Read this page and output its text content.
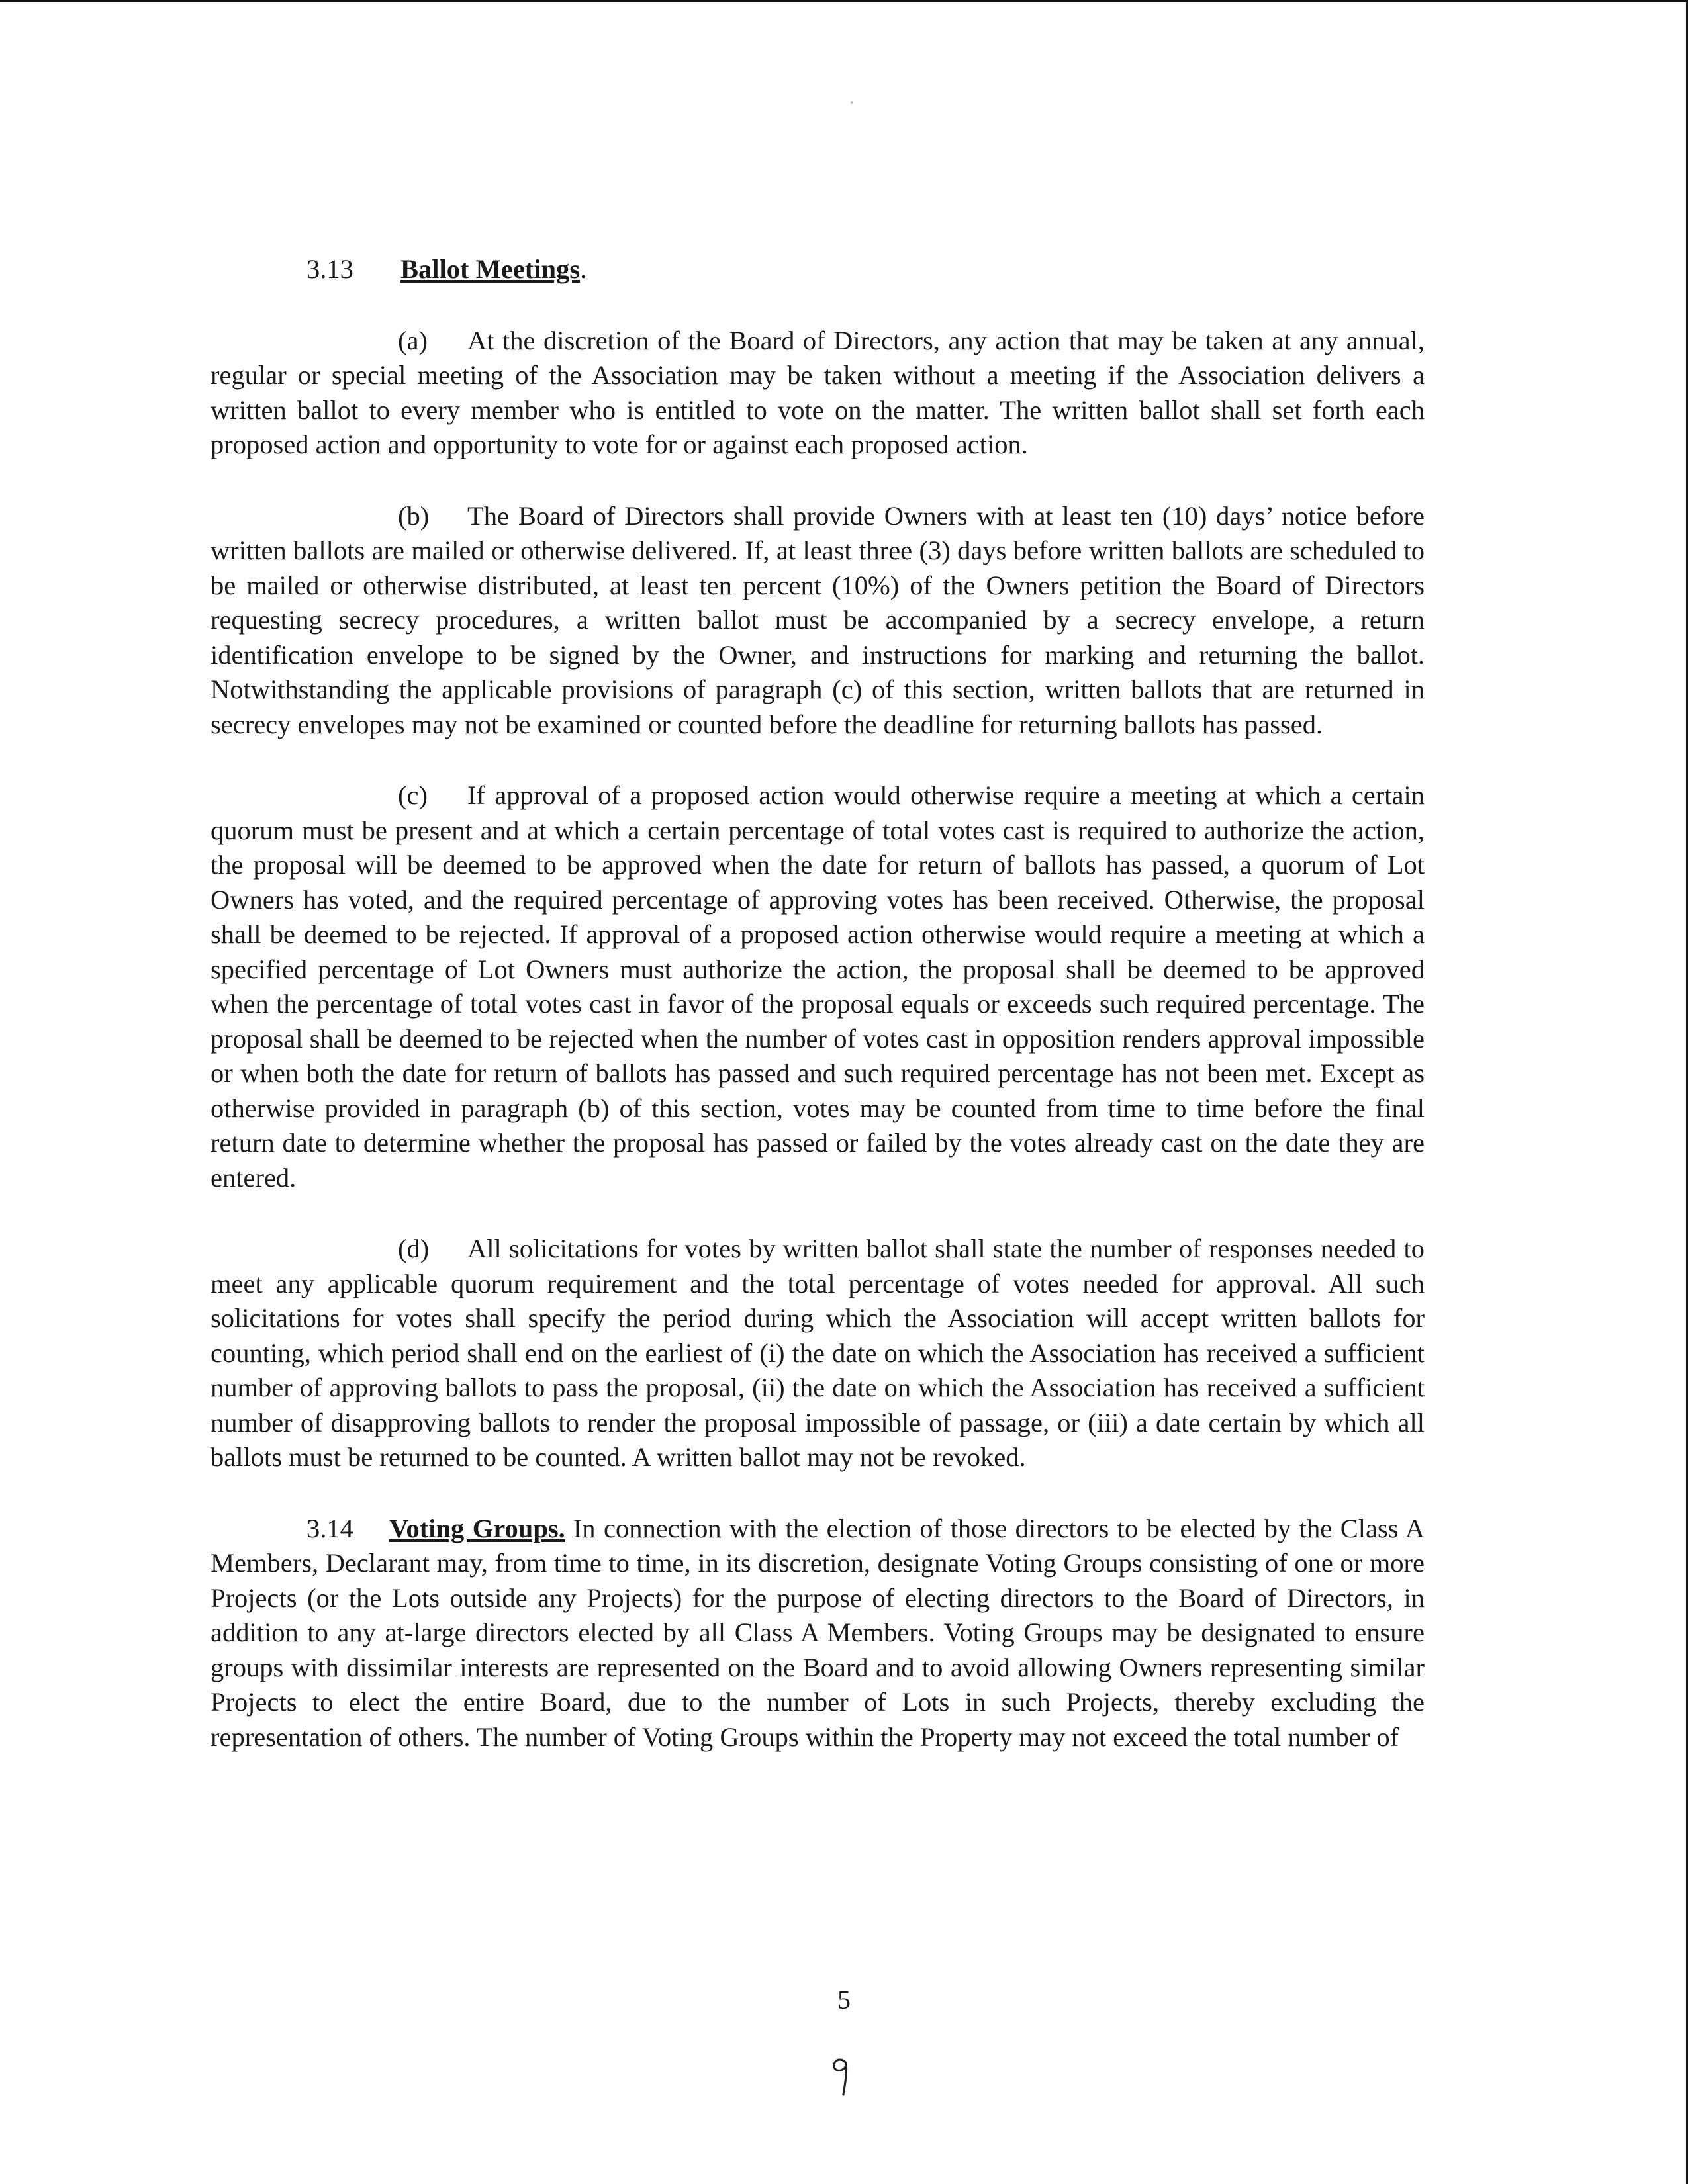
3.13 Ballot Meetings.

(a) At the discretion of the Board of Directors, any action that may be taken at any annual, regular or special meeting of the Association may be taken without a meeting if the Association delivers a written ballot to every member who is entitled to vote on the matter. The written ballot shall set forth each proposed action and opportunity to vote for or against each proposed action.

(b) The Board of Directors shall provide Owners with at least ten (10) days’ notice before written ballots are mailed or otherwise delivered. If, at least three (3) days before written ballots are scheduled to be mailed or otherwise distributed, at least ten percent (10%) of the Owners petition the Board of Directors requesting secrecy procedures, a written ballot must be accompanied by a secrecy envelope, a return identification envelope to be signed by the Owner, and instructions for marking and returning the ballot. Notwithstanding the applicable provisions of paragraph (c) of this section, written ballots that are returned in secrecy envelopes may not be examined or counted before the deadline for returning ballots has passed.

(c) If approval of a proposed action would otherwise require a meeting at which a certain quorum must be present and at which a certain percentage of total votes cast is required to authorize the action, the proposal will be deemed to be approved when the date for return of ballots has passed, a quorum of Lot Owners has voted, and the required percentage of approving votes has been received. Otherwise, the proposal shall be deemed to be rejected. If approval of a proposed action otherwise would require a meeting at which a specified percentage of Lot Owners must authorize the action, the proposal shall be deemed to be approved when the percentage of total votes cast in favor of the proposal equals or exceeds such required percentage. The proposal shall be deemed to be rejected when the number of votes cast in opposition renders approval impossible or when both the date for return of ballots has passed and such required percentage has not been met. Except as otherwise provided in paragraph (b) of this section, votes may be counted from time to time before the final return date to determine whether the proposal has passed or failed by the votes already cast on the date they are entered.

(d) All solicitations for votes by written ballot shall state the number of responses needed to meet any applicable quorum requirement and the total percentage of votes needed for approval. All such solicitations for votes shall specify the period during which the Association will accept written ballots for counting, which period shall end on the earliest of (i) the date on which the Association has received a sufficient number of approving ballots to pass the proposal, (ii) the date on which the Association has received a sufficient number of disapproving ballots to render the proposal impossible of passage, or (iii) a date certain by which all ballots must be returned to be counted. A written ballot may not be revoked.

3.14 Voting Groups. In connection with the election of those directors to be elected by the Class A Members, Declarant may, from time to time, in its discretion, designate Voting Groups consisting of one or more Projects (or the Lots outside any Projects) for the purpose of electing directors to the Board of Directors, in addition to any at-large directors elected by all Class A Members. Voting Groups may be designated to ensure groups with dissimilar interests are represented on the Board and to avoid allowing Owners representing similar Projects to elect the entire Board, due to the number of Lots in such Projects, thereby excluding the representation of others. The number of Voting Groups within the Property may not exceed the total number of

5
